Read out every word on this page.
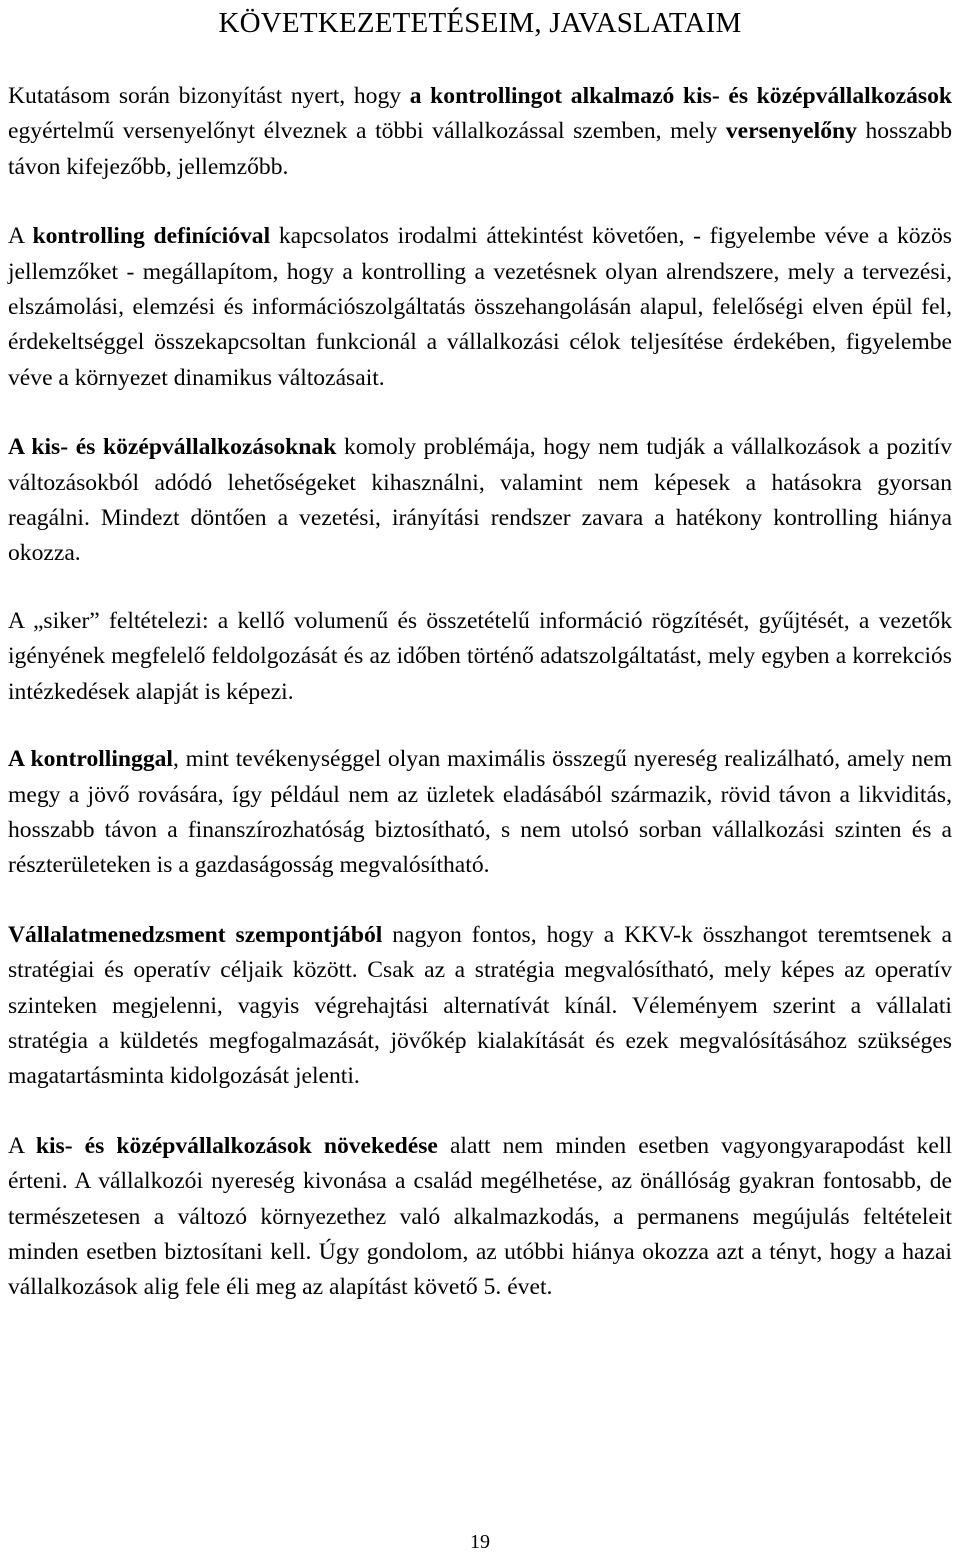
KÖVETKEZETETÉSEIM, JAVASLATAIM

Kutatásom során bizonyítást nyert, hogy a kontrollingot alkalmazó kis- és középvállalkozások egyértelmű versenyelőnyt élveznek a többi vállalkozással szemben, mely versenyelőny hosszabb távon kifejezőbb, jellemzőbb.

A kontrolling definícióval kapcsolatos irodalmi áttekintést követően, - figyelembe véve a közös jellemzőket - megállapítom, hogy a kontrolling a vezetésnek olyan alrendszere, mely a tervezési, elszámolási, elemzési és információszolgáltatás összehangolásán alapul, felelőségi elven épül fel, érdekeltséggel összekapcsoltan funkcionál a vállalkozási célok teljesítése érdekében, figyelembe véve a környezet dinamikus változásait.

A kis- és középvállalkozásoknak komoly problémája, hogy nem tudják a vállalkozások a pozitív változásokból adódó lehetőségeket kihasználni, valamint nem képesek a hatásokra gyorsan reagálni. Mindezt döntően a vezetési, irányítási rendszer zavara a hatékony kontrolling hiánya okozza.

A „siker” feltételezi: a kellő volumenű és összetételű információ rögzítését, gyűjtését, a vezetők igényének megfelelő feldolgozását és az időben történő adatszolgáltatást, mely egyben a korrekciós intézkedések alapját is képezi.

A kontrollinggal, mint tevékenységgel olyan maximális összegű nyereség realizálható, amely nem megy a jövő rovására, így például nem az üzletek eladásából származik, rövid távon a likviditás, hosszabb távon a finanszírozhatóság biztosítható, s nem utolsó sorban vállalkozási szinten és a részterületeken is a gazdaságosság megvalósítható.

Vállalatmenedzsment szempontjából nagyon fontos, hogy a KKV-k összhangot teremtsenek a stratégiai és operatív céljaik között. Csak az a stratégia megvalósítható, mely képes az operatív szinteken megjelenni, vagyis végrehajtási alternatívát kínál. Véleményem szerint a vállalati stratégia a küldetés megfogalmazását, jövőkép kialakítását és ezek megvalósításához szükséges magatartásminta kidolgozását jelenti.

A kis- és középvállalkozások növekedése alatt nem minden esetben vagyongyarapodást kell érteni. A vállalkozói nyereség kivonása a család megélhetése, az önállóság gyakran fontosabb, de természetesen a változó környezethez való alkalmazkodás, a permanens megújulás feltételeit minden esetben biztosítani kell. Úgy gondolom, az utóbbi hiánya okozza azt a tényt, hogy a hazai vállalkozások alig fele éli meg az alapítást követő 5. évet.

19
